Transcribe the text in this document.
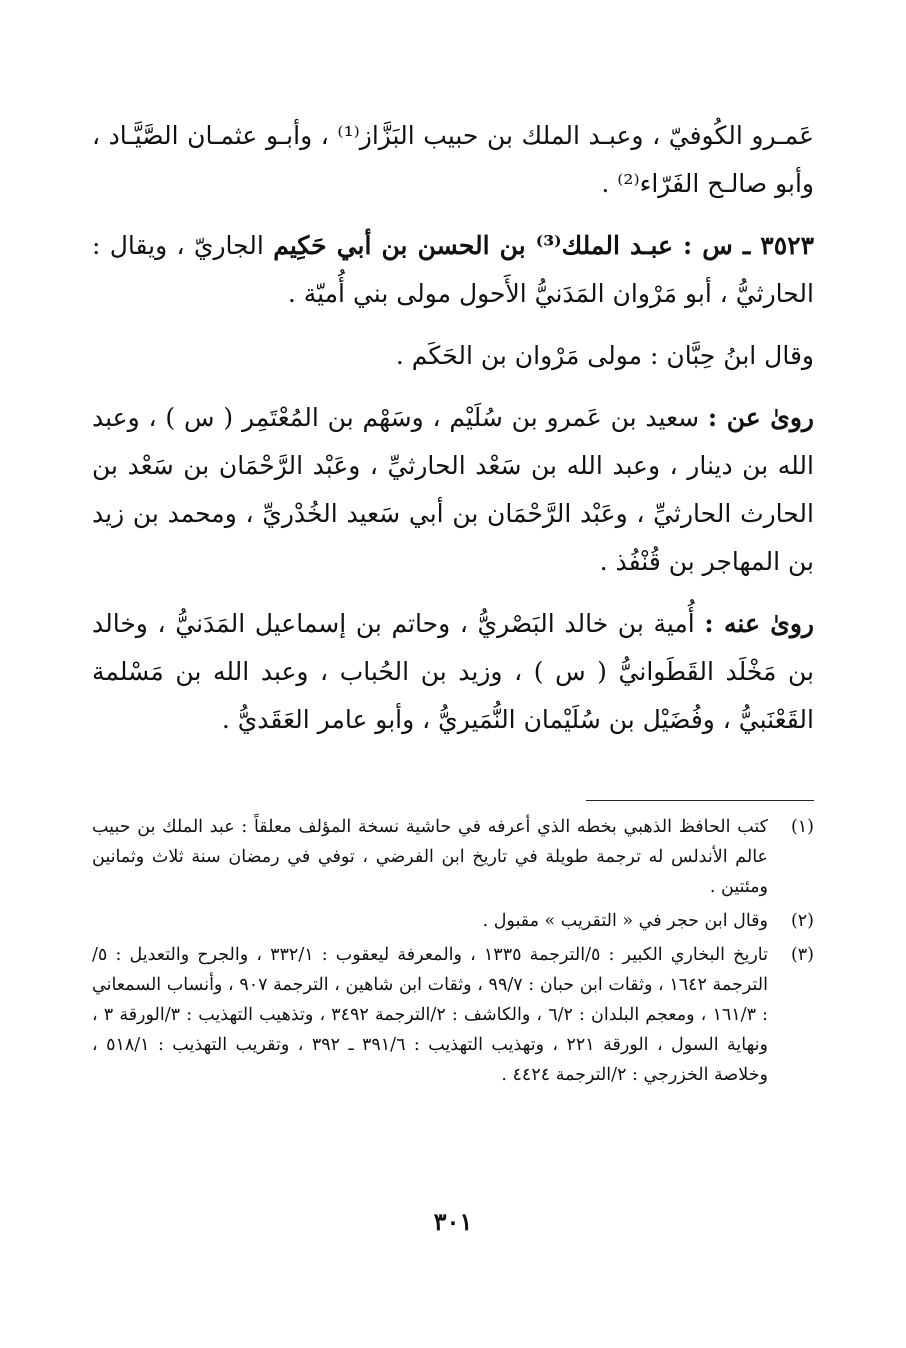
عَمـرو الكُوفيّ ، وعبـد الملك بن حبيب البَزَّاز⁽¹⁾ ، وأبـو عثمـان الصَّيَّـاد ، وأبو صالـح الفَرّاء⁽²⁾ .

٣٥٢٣ ـ س : عبـد الملك⁽³⁾ بن الحسن بن أبي حَكِيم الجاريّ ، ويقال : الحارثيُّ ، أبو مَرْوان المَدَنيُّ الأَحول مولى بني أُميّة .

وقال ابنُ حِبَّان : مولى مَرْوان بن الحَكَم .

روىٰ عن : سعيد بن عَمرو بن سُلَيْم ، وسَهْم بن المُعْتَمِر ( س ) ، وعبد الله بن دينار ، وعبد الله بن سَعْد الحارثيِّ ، وعَبْد الرَّحْمَان بن سَعْد بن الحارث الحارثيِّ ، وعَبْد الرَّحْمَان بن أبي سَعيد الخُدْريِّ ، ومحمد بن زيد بن المهاجر بن قُنْفُذ .

روىٰ عنه : أُمية بن خالد البَصْريُّ ، وحاتم بن إسماعيل المَدَنيُّ ، وخالد بن مَخْلَد القَطَوانيُّ ( س ) ، وزيد بن الحُباب ، وعبد الله بن مَسْلمة القَعْنَبيُّ ، وفُضَيْل بن سُلَيْمان النُّمَيريُّ ، وأبو عامر العَقَديُّ .

(١)
كتب الحافظ الذهبي بخطه الذي أعرفه في حاشية نسخة المؤلف معلقاً : عبد الملك بن حبيب عالم الأندلس له ترجمة طويلة في تاريخ ابن الفرضي ، توفي في رمضان سنة ثلاث وثمانين ومئتين .
(٢)
وقال ابن حجر في « التقريب » مقبول .
(٣)
تاريخ البخاري الكبير : ٥/الترجمة ١٣٣٥ ، والمعرفة ليعقوب : ٣٣٢/١ ، والجرح والتعديل : ٥/الترجمة ١٦٤٢ ، وثقات ابن حبان : ٩٩/٧ ، وثقات ابن شاهين ، الترجمة ٩٠٧ ، وأنساب السمعاني : ١٦١/٣ ، ومعجم البلدان : ٦/٢ ، والكاشف : ٢/الترجمة ٣٤٩٢ ، وتذهيب التهذيب : ٣/الورقة ٣ ، ونهاية السول ، الورقة ٢٢١ ، وتهذيب التهذيب : ٣٩١/٦ ـ ٣٩٢ ، وتقريب التهذيب : ٥١٨/١ ، وخلاصة الخزرجي : ٢/الترجمة ٤٤٢٤ .
٣٠١
